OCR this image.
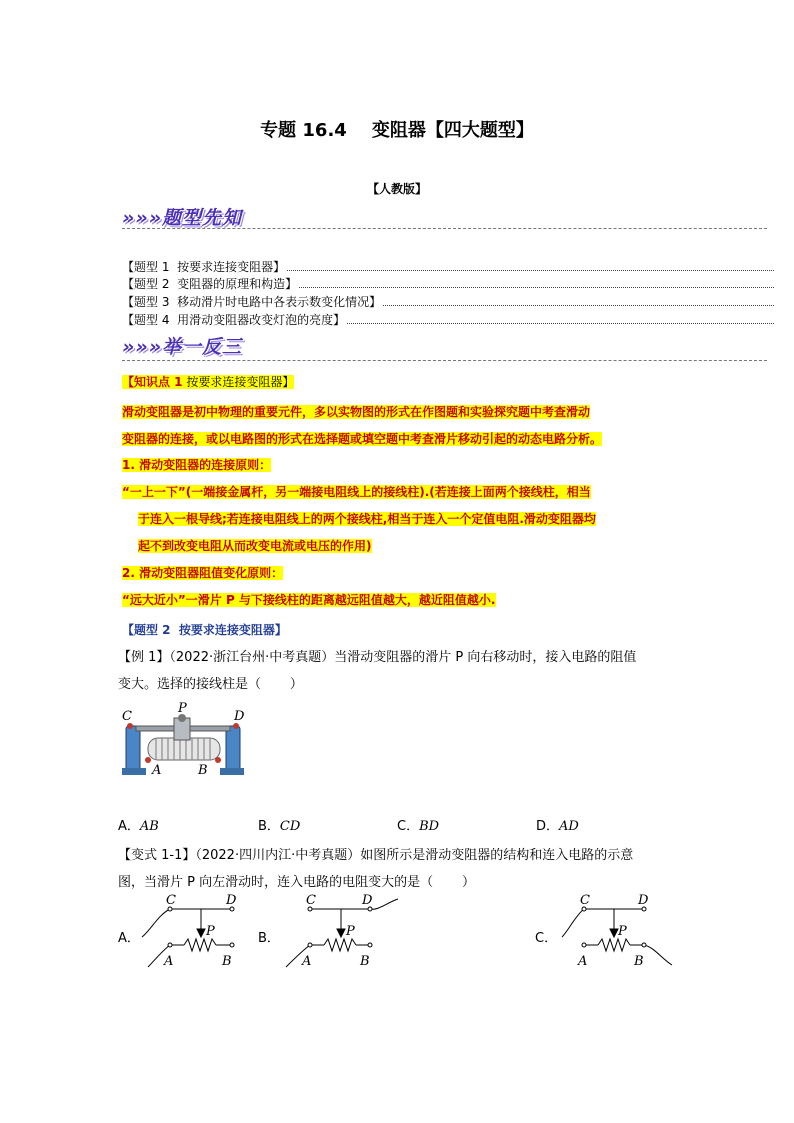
专题 16.4    变阻器【四大题型】
【人教版】
»»»题型先知
【题型 1  按要求连接变阻器】
【题型 2  变阻器的原理和构造】
【题型 3  移动滑片时电路中各表示数变化情况】
【题型 4  用滑动变阻器改变灯泡的亮度】
»»»举一反三
【知识点 1 按要求连接变阻器】
滑动变阻器是初中物理的重要元件，多以实物图的形式在作图题和实验探究题中考查滑动
变阻器的连接，或以电路图的形式在选择题或填空题中考查滑片移动引起的动态电路分析。
1. 滑动变阻器的连接原则：
“一上一下”(一端接金属杆，另一端接电阻线上的接线柱).(若连接上面两个接线柱，相当
于连入一根导线;若连接电阻线上的两个接线柱,相当于连入一个定值电阻.滑动变阻器均
起不到改变电阻从而改变电流或电压的作用)
2. 滑动变阻器阻值变化原则：
“远大近小”一滑片 P 与下接线柱的距离越远阻值越大，越近阻值越小.
【题型 2  按要求连接变阻器】
【例 1】（2022·浙江台州·中考真题）当滑动变阻器的滑片 P 向右移动时，接入电路的阻值
变大。选择的接线柱是（       ）
C
P
D
A	B
A．AB	B．CD	C．BD	D．AD
【变式 1-1】（2022·四川内江·中考真题）如图所示是滑动变阻器的结构和连入电路的示意
图，当滑片 P 向左滑动时，连入电路的电阻变大的是（       ）
A．	B．	C．
C	D
P
A	B
C	D
P
A	B
C	D
P
A	B
